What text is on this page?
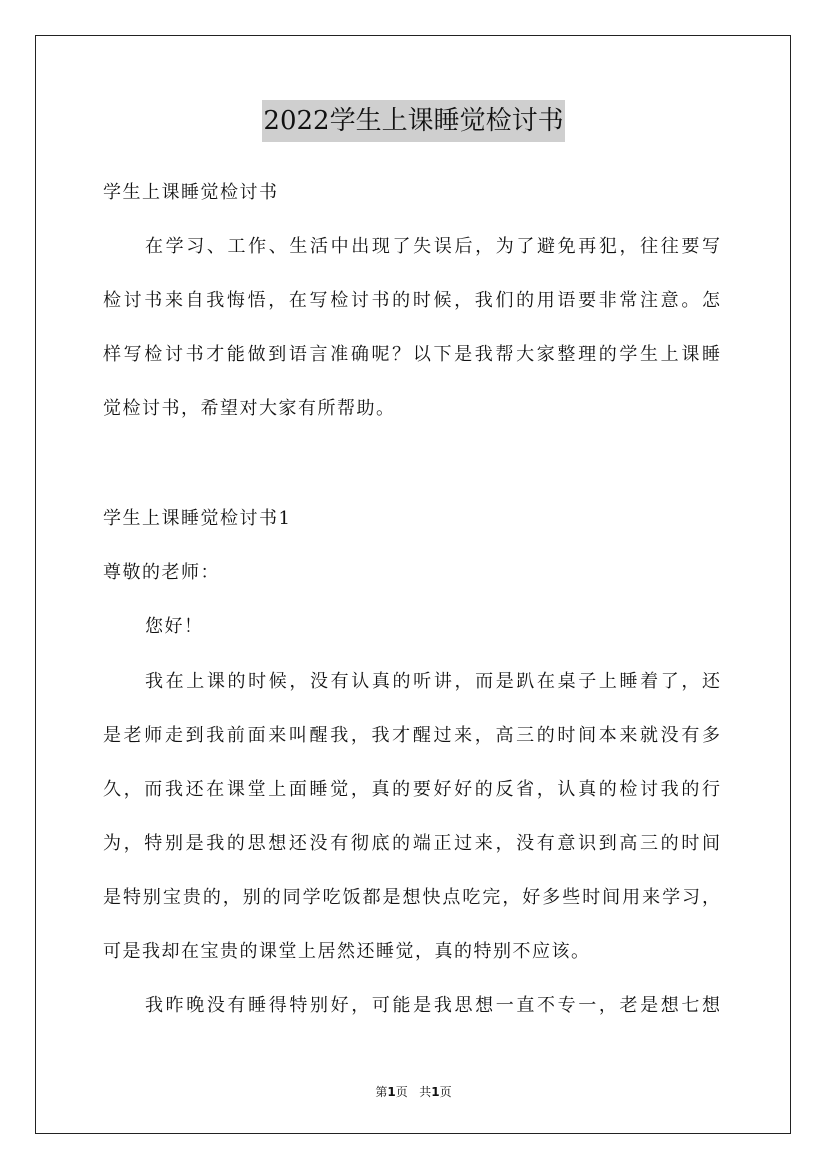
2022学生上课睡觉检讨书
学生上课睡觉检讨书
在学习、工作、生活中出现了失误后，为了避免再犯，往往要写
检讨书来自我悔悟，在写检讨书的时候，我们的用语要非常注意。怎
样写检讨书才能做到语言准确呢？以下是我帮大家整理的学生上课睡
觉检讨书，希望对大家有所帮助。
学生上课睡觉检讨书1
尊敬的老师：
您好！
我在上课的时候，没有认真的听讲，而是趴在桌子上睡着了，还
是老师走到我前面来叫醒我，我才醒过来，高三的时间本来就没有多
久，而我还在课堂上面睡觉，真的要好好的反省，认真的检讨我的行
为，特别是我的思想还没有彻底的端正过来，没有意识到高三的时间
是特别宝贵的，别的同学吃饭都是想快点吃完，好多些时间用来学习，
可是我却在宝贵的课堂上居然还睡觉，真的特别不应该。
我昨晚没有睡得特别好，可能是我思想一直不专一，老是想七想
第1页 共1页
